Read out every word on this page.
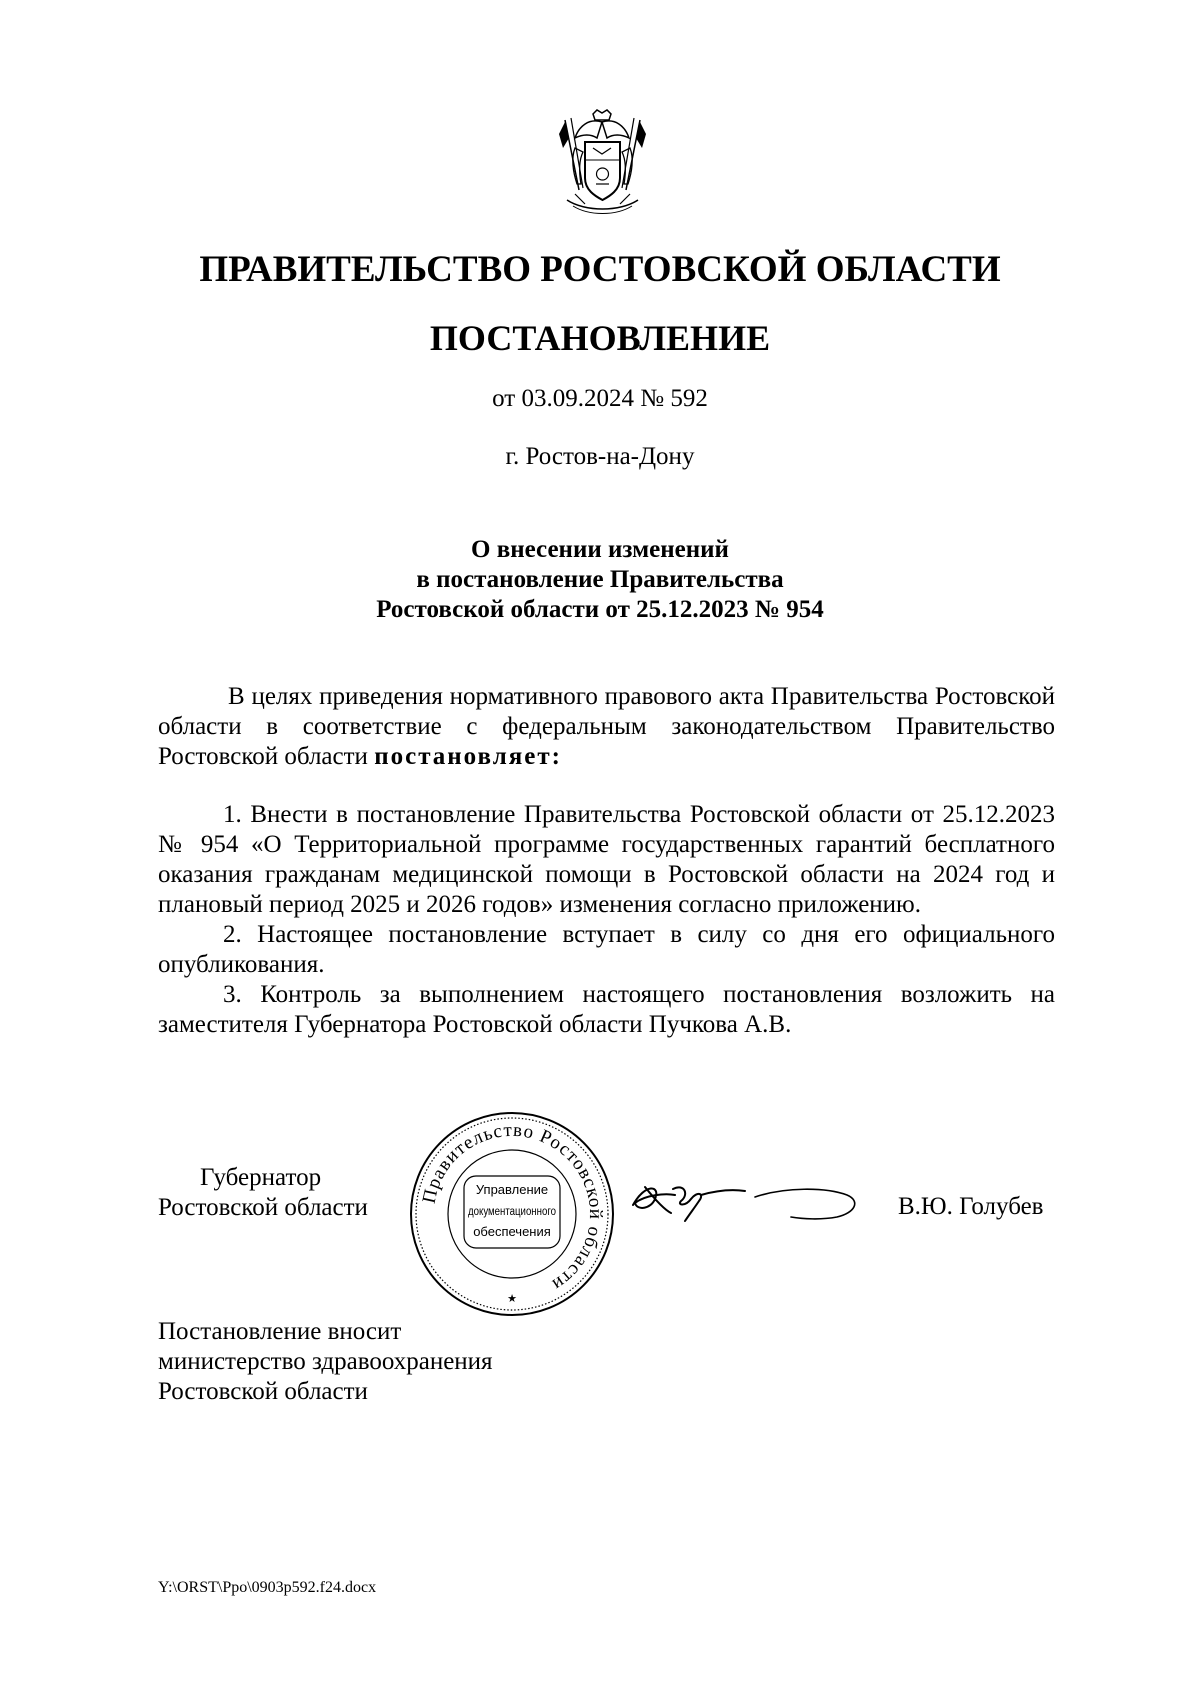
ПРАВИТЕЛЬСТВО РОСТОВСКОЙ ОБЛАСТИ
ПОСТАНОВЛЕНИЕ
от 03.09.2024 № 592
г. Ростов-на-Дону
О внесении изменений
в постановление Правительства
Ростовской области от 25.12.2023 № 954

В целях приведения нормативного правового акта Правительства Ростовской области в соответствие с федеральным законодательством Правительство Ростовской области постановляет:

1. Внести в постановление Правительства Ростовской области от 25.12.2023 № 954 «О Территориальной программе государственных гарантий бесплатного оказания гражданам медицинской помощи в Ростовской области на 2024 год и плановый период 2025 и 2026 годов» изменения согласно приложению.

2. Настоящее постановление вступает в силу со дня его официального опубликования.

3. Контроль за выполнением настоящего постановления возложить на заместителя Губернатора Ростовской области Пучкова А.В.

Губернатор
Ростовской области	Правительство Ростовской области
Управление
документационного
обеспечения
★
В.Ю. Голубев
Постановление вносит
министерство здравоохранения
Ростовской области
Y:\ORST\Ppo\0903p592.f24.docx
